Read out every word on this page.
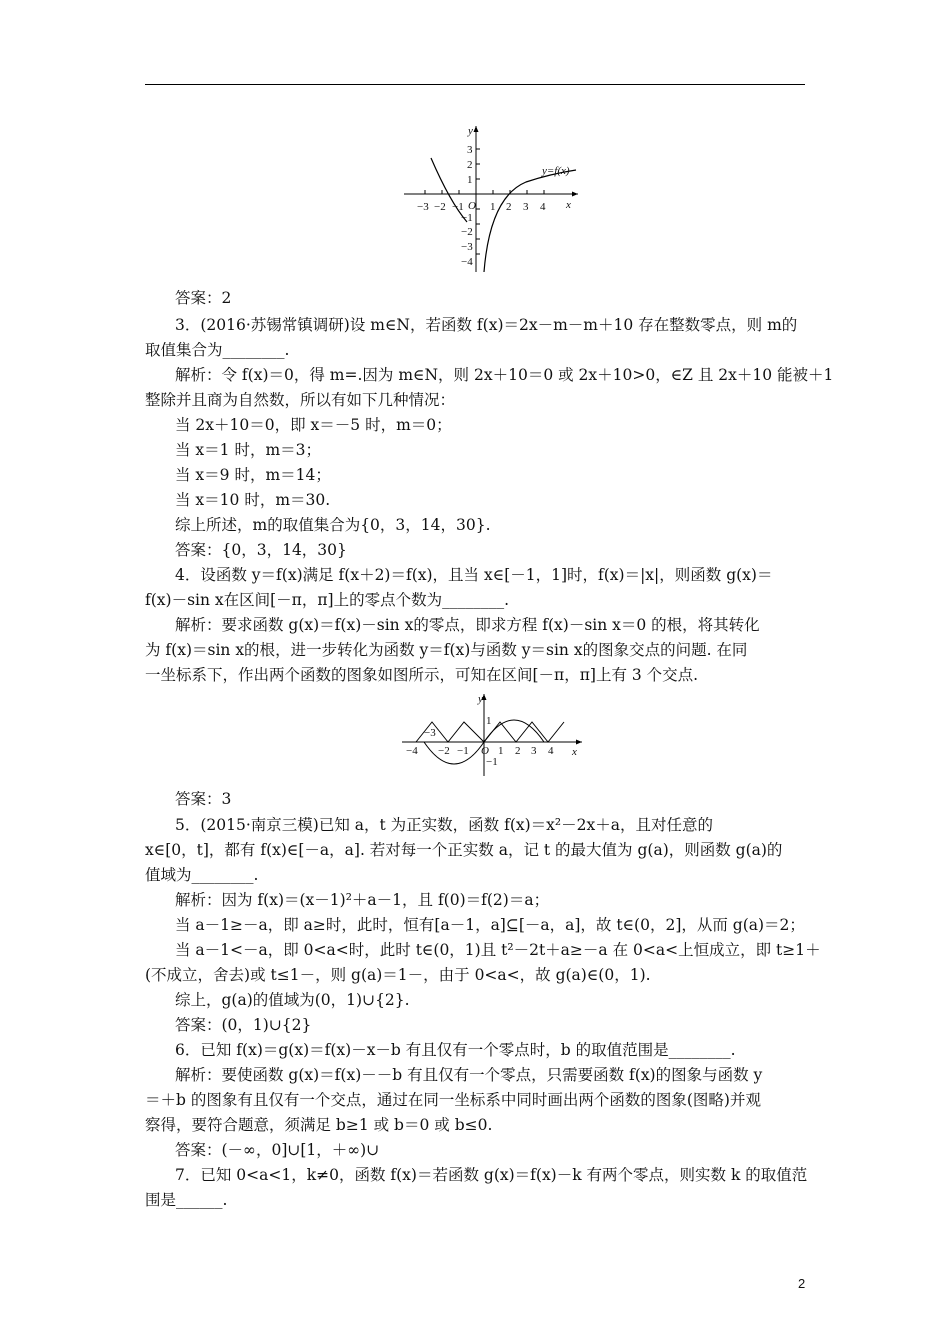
y
x
O
y=f(x)
−3 −2 −1 1 2 3 4
3
2
1
−1
−2
−3
−4
y
x
O
−4
−3
−2 −1	1 2 3 4
1
−1
答案：2
3．(2016·苏锡常镇调研)设 m∈N，若函数 f(x)＝2x－m－m＋10 存在整数零点，则 m的
取值集合为________.
解析：令 f(x)＝0，得 m=.因为 m∈N，则 2x＋10＝0 或 2x＋10>0，∈Z 且 2x＋10 能被＋1
整除并且商为自然数，所以有如下几种情况：
当 2x＋10＝0，即 x＝－5 时，m＝0；
当 x＝1 时，m＝3；
当 x＝9 时，m＝14；
当 x＝10 时，m＝30.
综上所述，m的取值集合为{0，3，14，30}.
答案：{0，3，14，30}
4．设函数 y＝f(x)满足 f(x＋2)＝f(x)，且当 x∈[－1，1]时，f(x)＝|x|，则函数 g(x)＝
f(x)－sin x在区间[－π，π]上的零点个数为________.
解析：要求函数 g(x)＝f(x)－sin x的零点，即求方程 f(x)－sin x＝0 的根，将其转化
为 f(x)＝sin x的根，进一步转化为函数 y＝f(x)与函数 y＝sin x的图象交点的问题. 在同
一坐标系下，作出两个函数的图象如图所示，可知在区间[－π，π]上有 3 个交点.
答案：3
5．(2015·南京三模)已知 a，t 为正实数，函数 f(x)＝x²－2x＋a，且对任意的
x∈[0，t]，都有 f(x)∈[－a，a]. 若对每一个正实数 a，记 t 的最大值为 g(a)，则函数 g(a)的
值域为________.
解析：因为 f(x)＝(x－1)²＋a－1，且 f(0)＝f(2)＝a；
当 a－1≥－a，即 a≥时，此时，恒有[a－1，a]⊆[－a，a]，故 t∈(0，2]，从而 g(a)＝2；
当 a－1<－a，即 0<a<时，此时 t∈(0，1)且 t²－2t＋a≥－a 在 0<a<上恒成立，即 t≥1＋
(不成立，舍去)或 t≤1－，则 g(a)＝1－，由于 0<a<，故 g(a)∈(0，1).
综上，g(a)的值域为(0，1)∪{2}.
答案：(0，1)∪{2}
6．已知 f(x)＝g(x)＝f(x)－x－b 有且仅有一个零点时，b 的取值范围是________.
解析：要使函数 g(x)＝f(x)－－b 有且仅有一个零点，只需要函数 f(x)的图象与函数 y
＝＋b 的图象有且仅有一个交点，通过在同一坐标系中同时画出两个函数的图象(图略)并观
察得，要符合题意，须满足 b≥1 或 b＝0 或 b≤0.
答案：(－∞，0]∪[1，＋∞)∪
7．已知 0<a<1，k≠0，函数 f(x)＝若函数 g(x)＝f(x)－k 有两个零点，则实数 k 的取值范
围是______.
2
